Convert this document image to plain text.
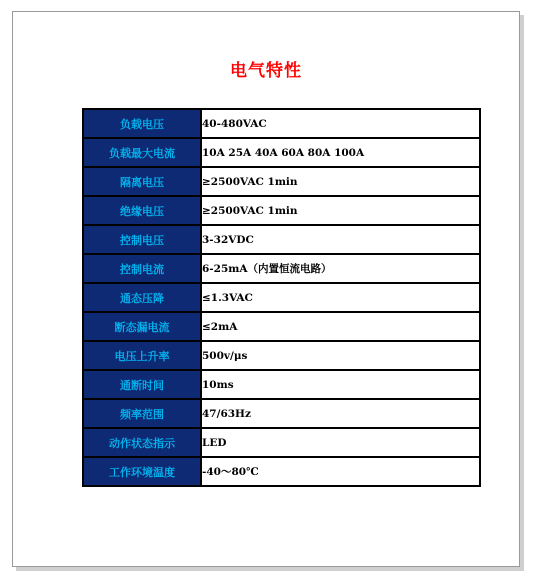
电气特性
负载电压	40-480VAC
负载最大电流	10A 25A 40A 60A 80A 100A
隔离电压	≥2500VAC 1min
绝缘电压	≥2500VAC 1min
控制电压	3-32VDC
控制电流	6-25mA（内置恒流电路）
通态压降	≤1.3VAC
断态漏电流	≤2mA
电压上升率	500v/μs
通断时间	10ms
频率范围	47/63Hz
动作状态指示	LED
工作环境温度	-40～80℃
